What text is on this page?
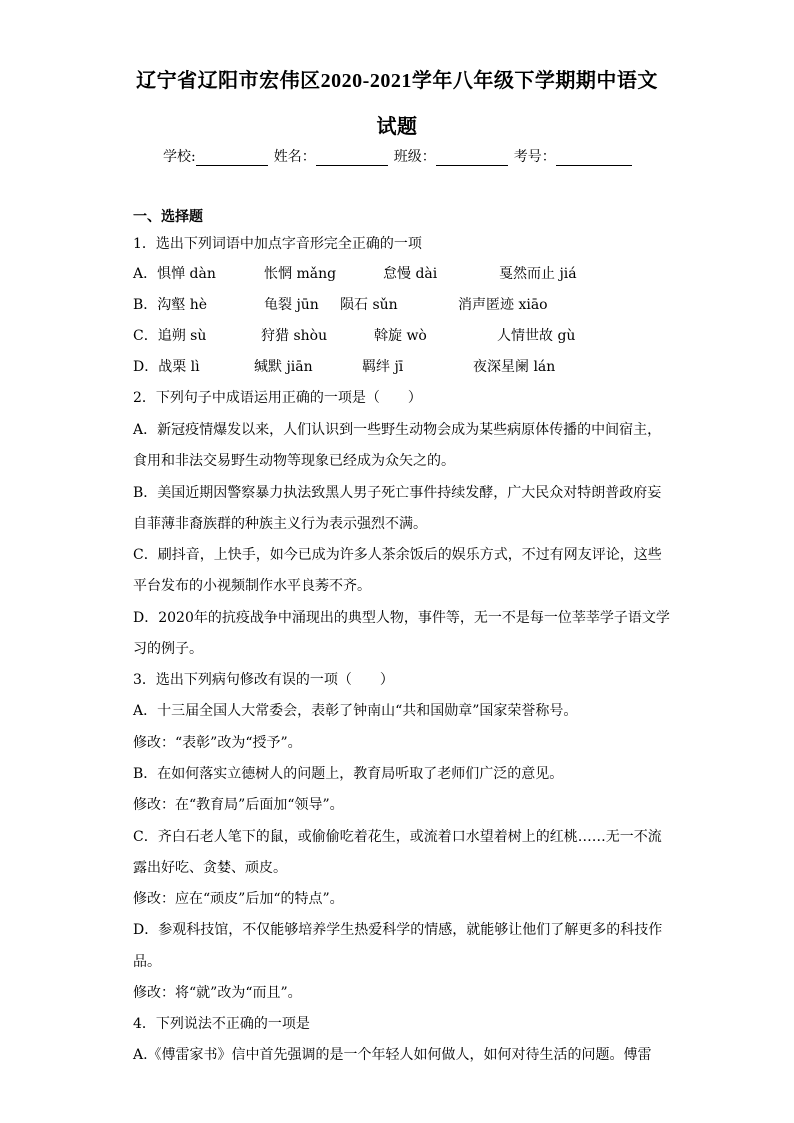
辽宁省辽阳市宏伟区2020-2021学年八年级下学期期中语文
试题
学校:	姓名：	班级：	考号：
一、选择题
1．选出下列词语中加点字音形完全正确的一项
A．惧惮 dàn	怅惘 mǎng	怠慢 dài	戛然而止 jiá
B．沟壑 hè	龟裂 jūn 陨石 sǔn	消声匿迹 xiāo
C．追朔 sù	狩猎 shòu	斡旋 wò	人情世故 gù
D．战栗 lì	缄默 jiān	羁绊 jī	夜深星阑 lán
2．下列句子中成语运用正确的一项是（　　）
A．新冠疫情爆发以来，人们认识到一些野生动物会成为某些病原体传播的中间宿主，
食用和非法交易野生动物等现象已经成为众矢之的。
B．美国近期因警察暴力执法致黑人男子死亡事件持续发酵，广大民众对特朗普政府妄
自菲薄非裔族群的种族主义行为表示强烈不满。
C．刷抖音，上快手，如今已成为许多人茶余饭后的娱乐方式，不过有网友评论，这些
平台发布的小视频制作水平良莠不齐。
D．2020年的抗疫战争中涌现出的典型人物，事件等，无一不是每一位莘莘学子语文学
习的例子。
3．选出下列病句修改有误的一项（　　）
A．十三届全国人大常委会，表彰了钟南山“共和国勋章”国家荣誉称号。
修改：“表彰”改为“授予”。
B．在如何落实立德树人的问题上，教育局听取了老师们广泛的意见。
修改：在“教育局”后面加“领导”。
C．齐白石老人笔下的鼠，或偷偷吃着花生，或流着口水望着树上的红桃……无一不流
露出好吃、贪婪、顽皮。
修改：应在“顽皮”后加“的特点”。
D．参观科技馆，不仅能够培养学生热爱科学的情感，就能够让他们了解更多的科技作
品。
修改：将“就”改为“而且”。
4．下列说法不正确的一项是
A.《傅雷家书》信中首先强调的是一个年轻人如何做人，如何对待生活的问题。傅雷
